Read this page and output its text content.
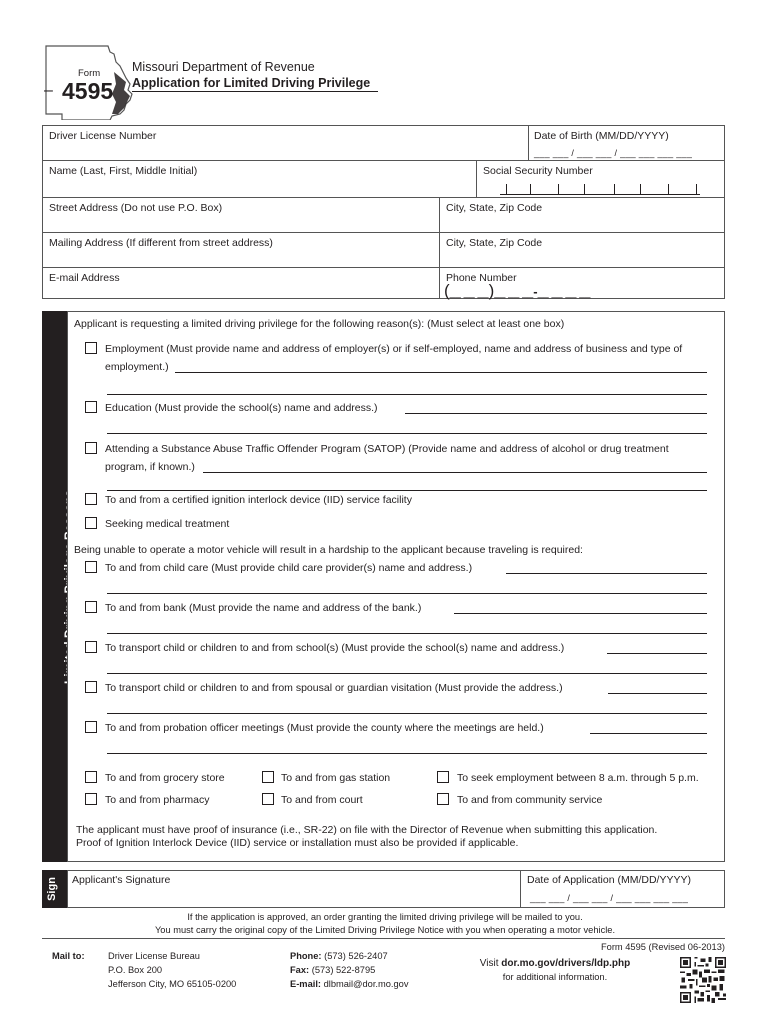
Form
– 4595
Missouri Department of Revenue
Application for Limited Driving Privilege
Driver License Number	Date of Birth (MM/DD/YYYY)
___ ___ / ___ ___ / ___ ___ ___ ___
Name (Last, First, Middle Initial)	Social Security Number
Street Address (Do not use P.O. Box)	City, State, Zip Code
Mailing Address (If different from street address)	City, State, Zip Code
E-mail Address	Phone Number
(__ __ __)__ __ __-__ __ __ __
Limited Driving Privilege Reasons
Applicant is requesting a limited driving privilege for the following reason(s): (Must select at least one box)
Employment (Must provide name and address of employer(s) or if self-employed, name and address of business and type of
employment.)
Education (Must provide the school(s) name and address.)
Attending a Substance Abuse Traffic Offender Program (SATOP) (Provide name and address of alcohol or drug treatment
program, if known.)
To and from a certified ignition interlock device (IID) service facility
Seeking medical treatment
Being unable to operate a motor vehicle will result in a hardship to the applicant because traveling is required:
To and from child care (Must provide child care provider(s) name and address.)
To and from bank (Must provide the name and address of the bank.)
To transport child or children to and from school(s) (Must provide the school(s) name and address.)
To transport child or children to and from spousal or guardian visitation (Must provide the address.)
To and from probation officer meetings (Must provide the county where the meetings are held.)
To and from grocery store	To and from gas station	To seek employment between 8 a.m. through 5 p.m.
To and from pharmacy	To and from court	To and from community service
The applicant must have proof of insurance (i.e., SR-22) on file with the Director of Revenue when submitting this application.
Proof of Ignition Interlock Device (IID) service or installation must also be provided if applicable.
Sign	Applicant's Signature	Date of Application (MM/DD/YYYY)
___ ___ / ___ ___ / ___ ___ ___ ___
If the application is approved, an order granting the limited driving privilege will be mailed to you.
You must carry the original copy of the Limited Driving Privilege Notice with you when operating a motor vehicle.
Form 4595 (Revised 06-2013)
Mail to:	Driver License Bureau
P.O. Box 200
Jefferson City, MO 65105-0200
Phone: (573) 526-2407
Fax: (573) 522-8795
E-mail: dlbmail@dor.mo.gov
Visit dor.mo.gov/drivers/ldp.php
for additional information.
